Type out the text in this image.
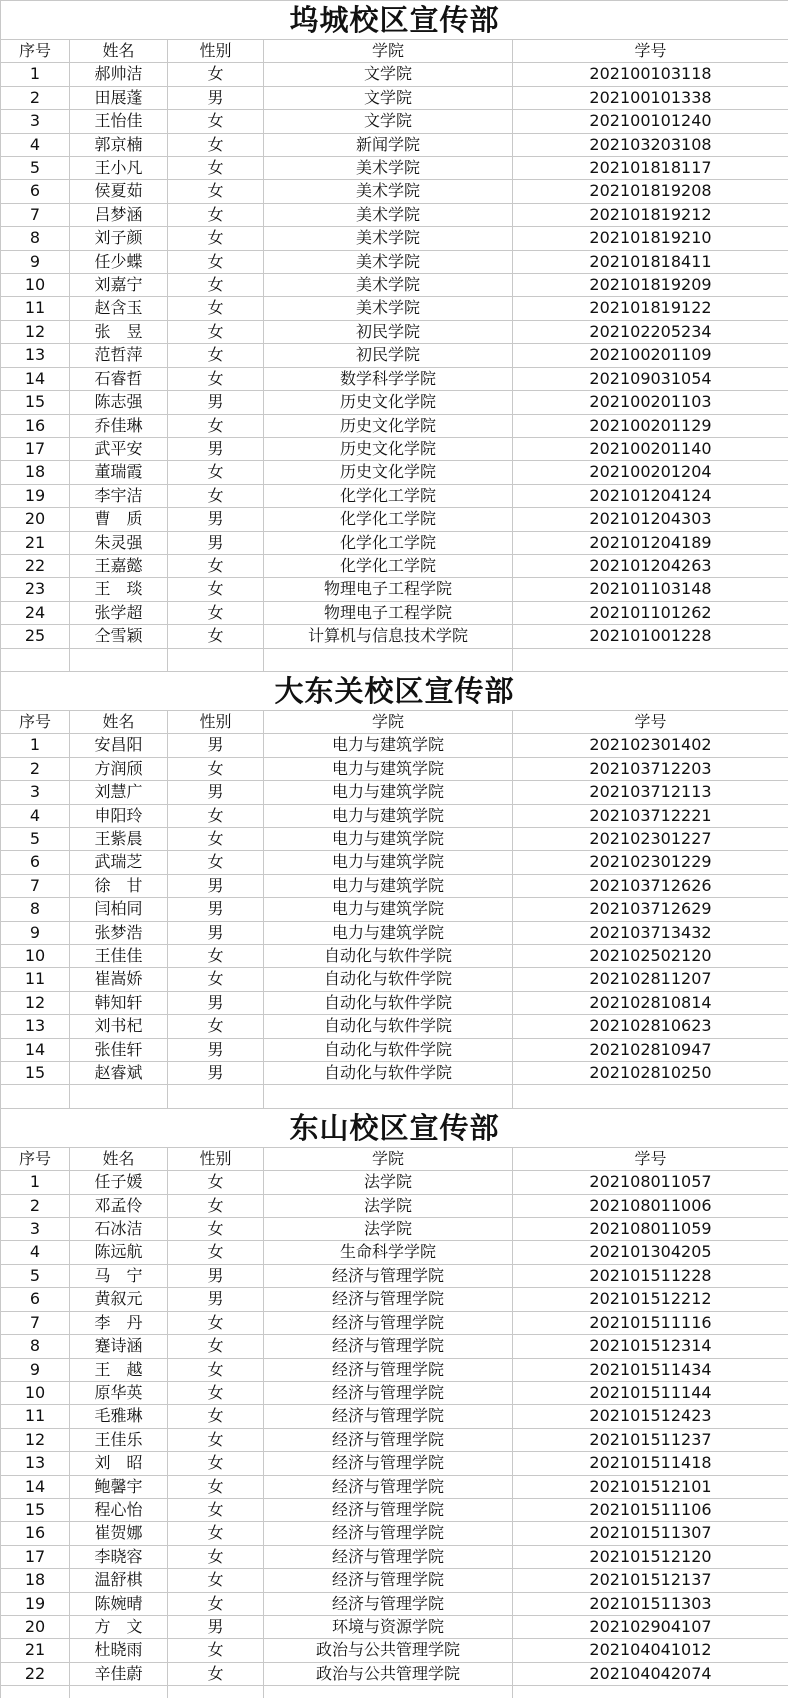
坞城校区宣传部				
序号	姓名	性别	学院	学号
1	郝帅洁	女	文学院	202100103118
2	田展蓬	男	文学院	202100101338
3	王怡佳	女	文学院	202100101240
4	郭京楠	女	新闻学院	202103203108
5	王小凡	女	美术学院	202101818117
6	侯夏茹	女	美术学院	202101819208
7	吕梦涵	女	美术学院	202101819212
8	刘子颜	女	美术学院	202101819210
9	任少蝶	女	美术学院	202101818411
10	刘嘉宁	女	美术学院	202101819209
11	赵含玉	女	美术学院	202101819122
12	张　昱	女	初民学院	202102205234
13	范哲萍	女	初民学院	202100201109
14	石睿哲	女	数学科学学院	202109031054
15	陈志强	男	历史文化学院	202100201103
16	乔佳琳	女	历史文化学院	202100201129
17	武平安	男	历史文化学院	202100201140
18	董瑞霞	女	历史文化学院	202100201204
19	李宇洁	女	化学化工学院	202101204124
20	曹　质	男	化学化工学院	202101204303
21	朱灵强	男	化学化工学院	202101204189
22	王嘉懿	女	化学化工学院	202101204263
23	王　琰	女	物理电子工程学院	202101103148
24	张学超	女	物理电子工程学院	202101101262
25	仝雪颖	女	计算机与信息技术学院	202101001228

大东关校区宣传部				
序号	姓名	性别	学院	学号
1	安昌阳	男	电力与建筑学院	202102301402
2	方润颀	女	电力与建筑学院	202103712203
3	刘慧广	男	电力与建筑学院	202103712113
4	申阳玲	女	电力与建筑学院	202103712221
5	王紫晨	女	电力与建筑学院	202102301227
6	武瑞芝	女	电力与建筑学院	202102301229
7	徐　甘	男	电力与建筑学院	202103712626
8	闫柏同	男	电力与建筑学院	202103712629
9	张梦浩	男	电力与建筑学院	202103713432
10	王佳佳	女	自动化与软件学院	202102502120
11	崔嵩娇	女	自动化与软件学院	202102811207
12	韩知轩	男	自动化与软件学院	202102810814
13	刘书杞	女	自动化与软件学院	202102810623
14	张佳轩	男	自动化与软件学院	202102810947
15	赵睿斌	男	自动化与软件学院	202102810250

东山校区宣传部				
序号	姓名	性别	学院	学号
1	任子媛	女	法学院	202108011057
2	邓孟伶	女	法学院	202108011006
3	石冰洁	女	法学院	202108011059
4	陈远航	女	生命科学学院	202101304205
5	马　宁	男	经济与管理学院	202101511228
6	黄叙元	男	经济与管理学院	202101512212
7	李　丹	女	经济与管理学院	202101511116
8	蹇诗涵	女	经济与管理学院	202101512314
9	王　越	女	经济与管理学院	202101511434
10	原华英	女	经济与管理学院	202101511144
11	毛雅琳	女	经济与管理学院	202101512423
12	王佳乐	女	经济与管理学院	202101511237
13	刘　昭	女	经济与管理学院	202101511418
14	鲍馨宇	女	经济与管理学院	202101512101
15	程心怡	女	经济与管理学院	202101511106
16	崔贺娜	女	经济与管理学院	202101511307
17	李晓容	女	经济与管理学院	202101512120
18	温舒棋	女	经济与管理学院	202101512137
19	陈婉晴	女	经济与管理学院	202101511303
20	方　文	男	环境与资源学院	202102904107
21	杜晓雨	女	政治与公共管理学院	202104041012
22	辛佳蔚	女	政治与公共管理学院	202104042074
